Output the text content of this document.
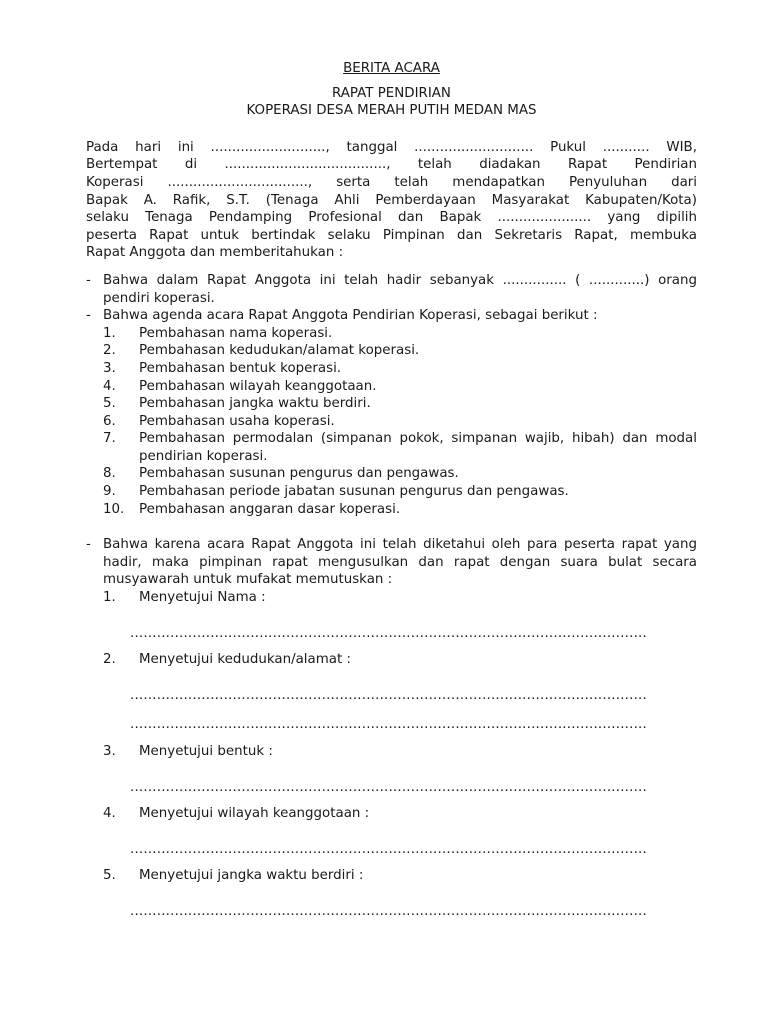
BERITA ACARA
RAPAT PENDIRIAN
KOPERASI DESA MERAH PUTIH MEDAN MAS
Pada hari ini ..........................., tanggal ............................ Pukul ........... WIB,
Bertempat di ......................................, telah diadakan Rapat Pendirian
Koperasi ................................., serta telah mendapatkan Penyuluhan dari
Bapak A. Rafik, S.T. (Tenaga Ahli Pemberdayaan Masyarakat Kabupaten/Kota)
selaku Tenaga Pendamping Profesional dan Bapak ...................... yang dipilih
peserta Rapat untuk bertindak selaku Pimpinan dan Sekretaris Rapat, membuka
Rapat Anggota dan memberitahukan :
- Bahwa dalam Rapat Anggota ini telah hadir sebanyak ............... ( .............) orang pendiri koperasi.
- Bahwa agenda acara Rapat Anggota Pendirian Koperasi, sebagai berikut :
1. Pembahasan nama koperasi.
2. Pembahasan kedudukan/alamat koperasi.
3. Pembahasan bentuk koperasi.
4. Pembahasan wilayah keanggotaan.
5. Pembahasan jangka waktu berdiri.
6. Pembahasan usaha koperasi.
7. Pembahasan permodalan (simpanan pokok, simpanan wajib, hibah) dan modal pendirian koperasi.
8. Pembahasan susunan pengurus dan pengawas.
9. Pembahasan periode jabatan susunan pengurus dan pengawas.
10. Pembahasan anggaran dasar koperasi.
- Bahwa karena acara Rapat Anggota ini telah diketahui oleh para peserta rapat yang hadir, maka pimpinan rapat mengusulkan dan rapat dengan suara bulat secara musyawarah untuk mufakat memutuskan :
1. Menyetujui Nama :
....................................................................................................................
2. Menyetujui kedudukan/alamat :
....................................................................................................................
....................................................................................................................
3. Menyetujui bentuk :
....................................................................................................................
4. Menyetujui wilayah keanggotaan :
....................................................................................................................
5. Menyetujui jangka waktu berdiri :
....................................................................................................................
